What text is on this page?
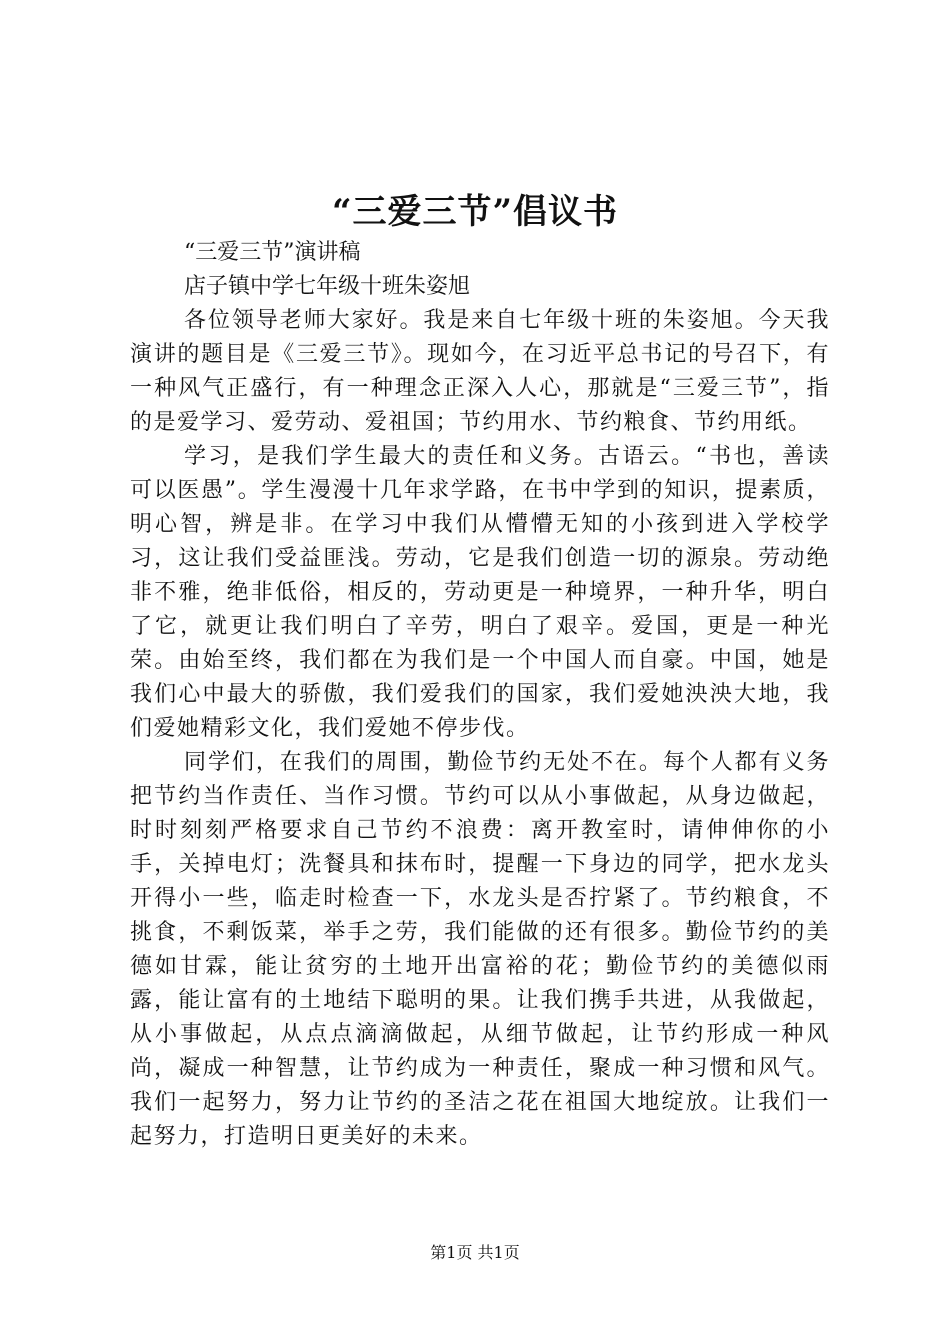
“三爱三节”倡议书

“三爱三节”演讲稿

店子镇中学七年级十班朱姿旭

各位领导老师大家好。我是来自七年级十班的朱姿旭。今天我演讲的题目是《三爱三节》。现如今，在习近平总书记的号召下，有一种风气正盛行，有一种理念正深入人心，那就是“三爱三节”，指的是爱学习、爱劳动、爱祖国；节约用水、节约粮食、节约用纸。

学习，是我们学生最大的责任和义务。古语云。“书也，善读可以医愚”。学生漫漫十几年求学路，在书中学到的知识，提素质，明心智，辨是非。在学习中我们从懵懵无知的小孩到进入学校学习，这让我们受益匪浅。劳动，它是我们创造一切的源泉。劳动绝非不雅，绝非低俗，相反的，劳动更是一种境界，一种升华，明白了它，就更让我们明白了辛劳，明白了艰辛。爱国，更是一种光荣。由始至终，我们都在为我们是一个中国人而自豪。中国，她是我们心中最大的骄傲，我们爱我们的国家，我们爱她泱泱大地，我们爱她精彩文化，我们爱她不停步伐。

同学们，在我们的周围，勤俭节约无处不在。每个人都有义务把节约当作责任、当作习惯。节约可以从小事做起，从身边做起，时时刻刻严格要求自己节约不浪费：离开教室时，请伸伸你的小手，关掉电灯；洗餐具和抹布时，提醒一下身边的同学，把水龙头开得小一些，临走时检查一下，水龙头是否拧紧了。节约粮食，不挑食，不剩饭菜，举手之劳，我们能做的还有很多。勤俭节约的美德如甘霖，能让贫穷的土地开出富裕的花；勤俭节约的美德似雨露，能让富有的土地结下聪明的果。让我们携手共进，从我做起，从小事做起，从点点滴滴做起，从细节做起，让节约形成一种风尚，凝成一种智慧，让节约成为一种责任，聚成一种习惯和风气。我们一起努力，努力让节约的圣洁之花在祖国大地绽放。让我们一起努力，打造明日更美好的未来。

第1页 共1页
